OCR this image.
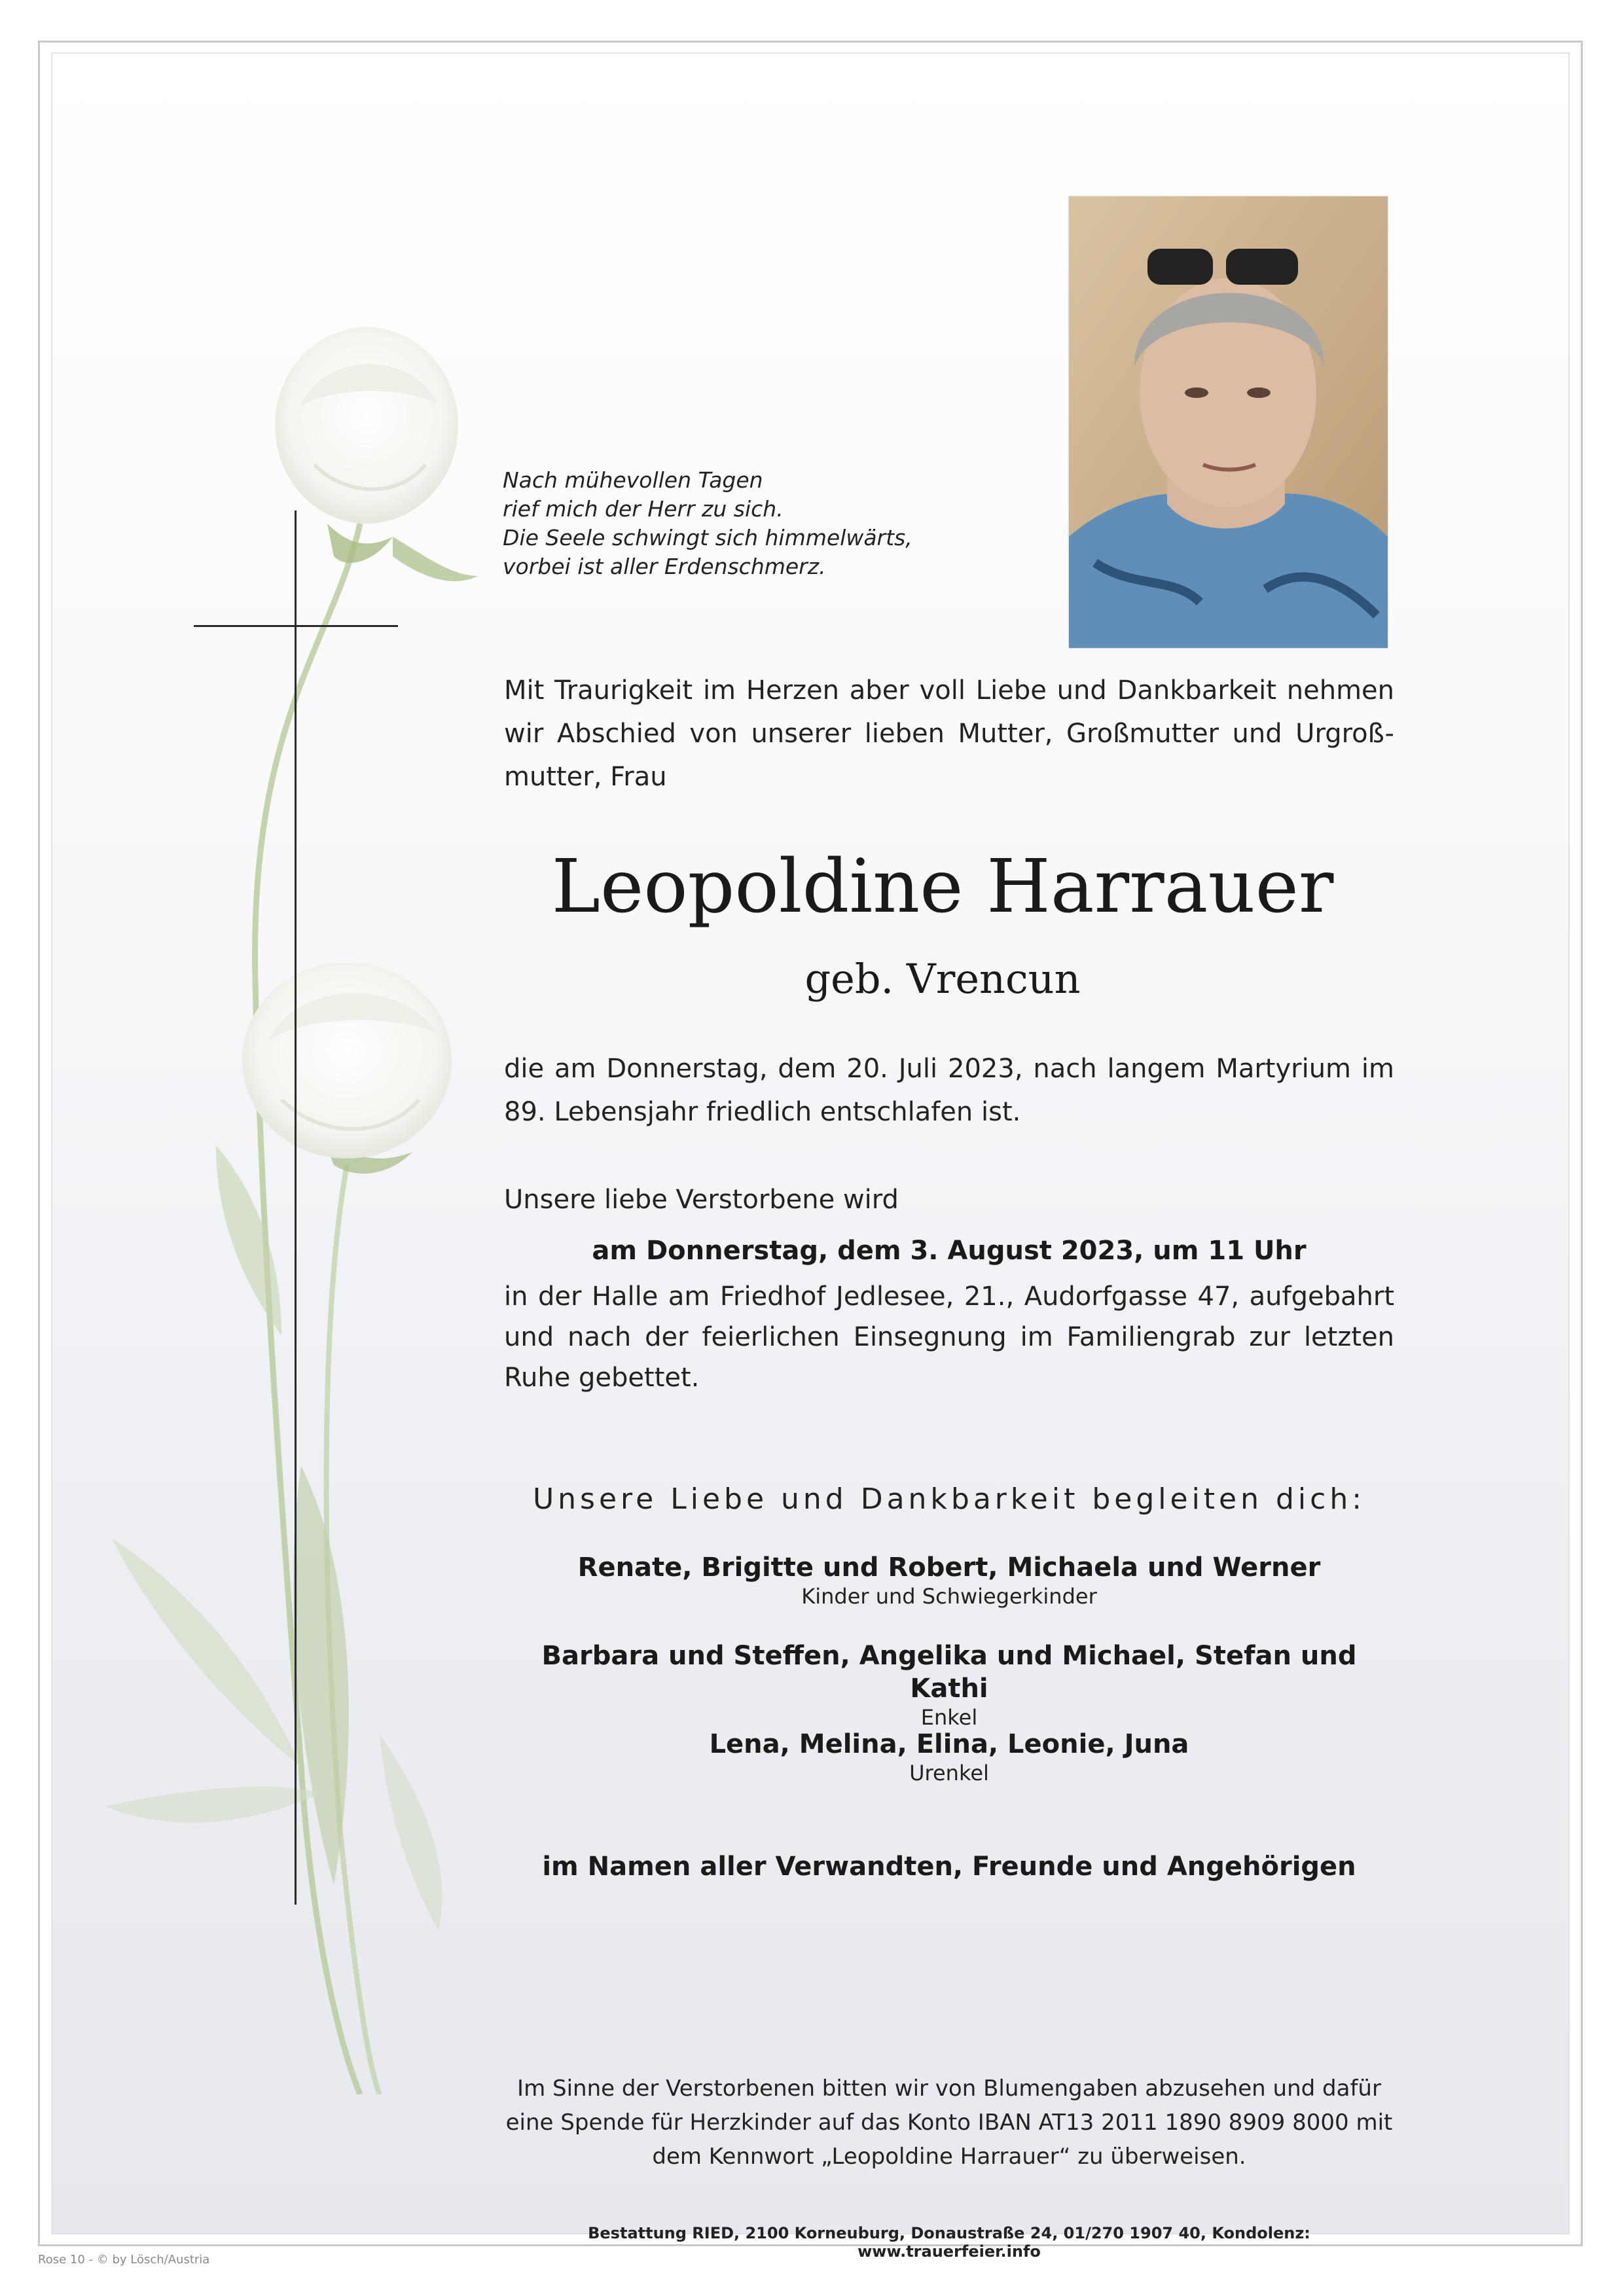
Nach mühevollen Tagen
rief mich der Herr zu sich.
Die Seele schwingt sich himmelwärts,
vorbei ist aller Erdenschmerz.
Mit Traurigkeit im Herzen aber voll Liebe und Dankbarkeit nehmen wir Abschied von unserer lieben Mutter, Großmutter und Urgroß-mutter, Frau
Leopoldine Harrauer
geb. Vrencun
die am Donnerstag, dem 20. Juli 2023, nach langem Martyrium im 89. Lebensjahr friedlich entschlafen ist.
Unsere liebe Verstorbene wird
am Donnerstag, dem 3. August 2023, um 11 Uhr
in der Halle am Friedhof Jedlesee, 21., Audorfgasse 47, aufgebahrt und nach der feierlichen Einsegnung im Familiengrab zur letzten Ruhe gebettet.
Unsere Liebe und Dankbarkeit begleiten dich:
Renate, Brigitte und Robert, Michaela und Werner
Kinder und Schwiegerkinder
Barbara und Steffen, Angelika und Michael, Stefan und Kathi
Enkel
Lena, Melina, Elina, Leonie, Juna
Urenkel
im Namen aller Verwandten, Freunde und Angehörigen
Im Sinne der Verstorbenen bitten wir von Blumengaben abzusehen und dafür eine Spende für Herzkinder auf das Konto IBAN AT13 2011 1890 8909 8000 mit dem Kennwort „Leopoldine Harrauer“ zu überweisen.
Bestattung RIED, 2100 Korneuburg, Donaustraße 24, 01/270 1907 40, Kondolenz: www.trauerfeier.info
Rose 10 - © by Lösch/Austria
